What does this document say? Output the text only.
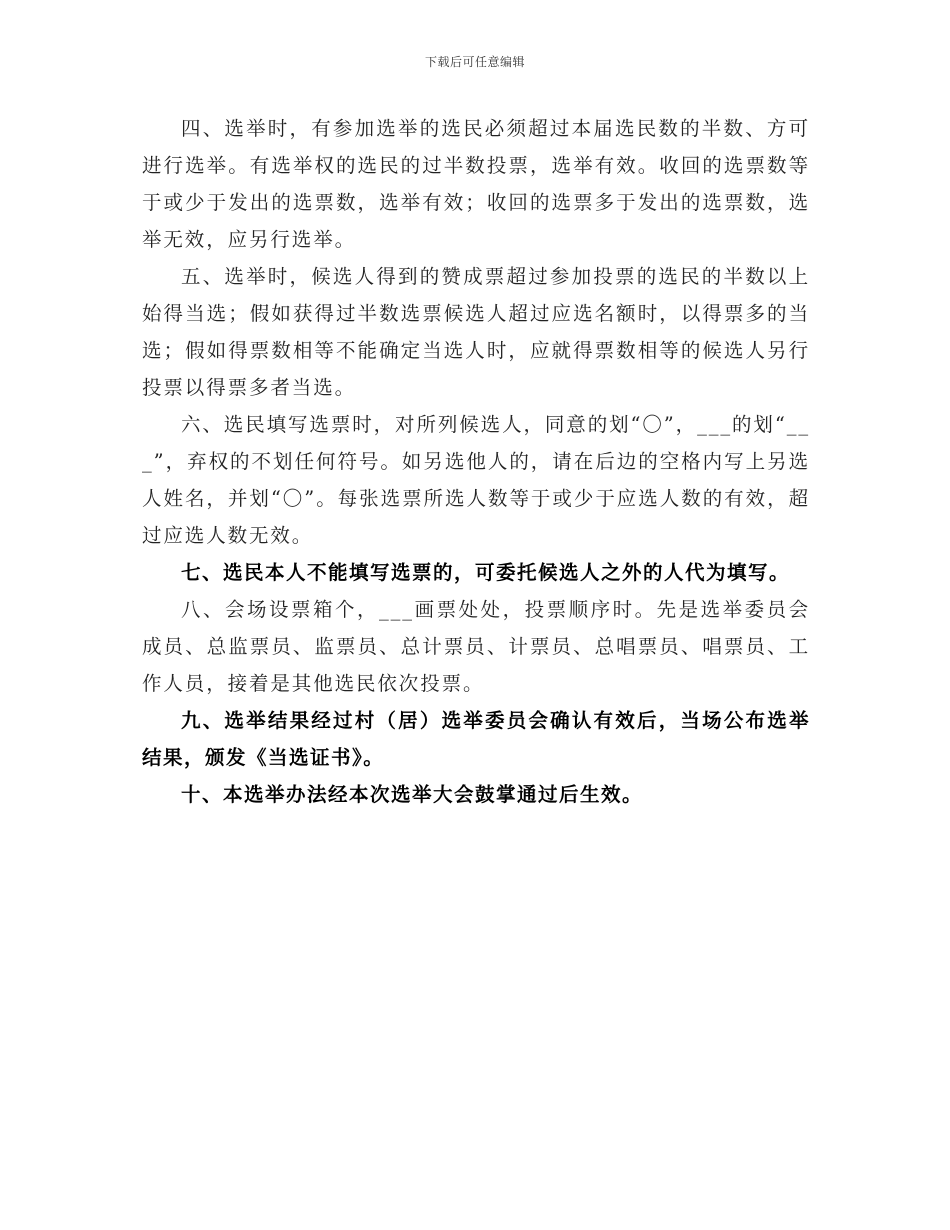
下载后可任意编辑

四、选举时，有参加选举的选民必须超过本届选民数的半数、方可进行选举。有选举权的选民的过半数投票，选举有效。收回的选票数等于或少于发出的选票数，选举有效；收回的选票多于发出的选票数，选举无效，应另行选举。

五、选举时，候选人得到的赞成票超过参加投票的选民的半数以上始得当选；假如获得过半数选票候选人超过应选名额时，以得票多的当选；假如得票数相等不能确定当选人时，应就得票数相等的候选人另行投票以得票多者当选。

六、选民填写选票时，对所列候选人，同意的划“〇”，___的划“___”，弃权的不划任何符号。如另选他人的，请在后边的空格内写上另选人姓名，并划“〇”。每张选票所选人数等于或少于应选人数的有效，超过应选人数无效。

七、选民本人不能填写选票的，可委托候选人之外的人代为填写。

八、会场设票箱个，___画票处处，投票顺序时。先是选举委员会成员、总监票员、监票员、总计票员、计票员、总唱票员、唱票员、工作人员，接着是其他选民依次投票。

九、选举结果经过村（居）选举委员会确认有效后，当场公布选举结果，颁发《当选证书》。

十、本选举办法经本次选举大会鼓掌通过后生效。
